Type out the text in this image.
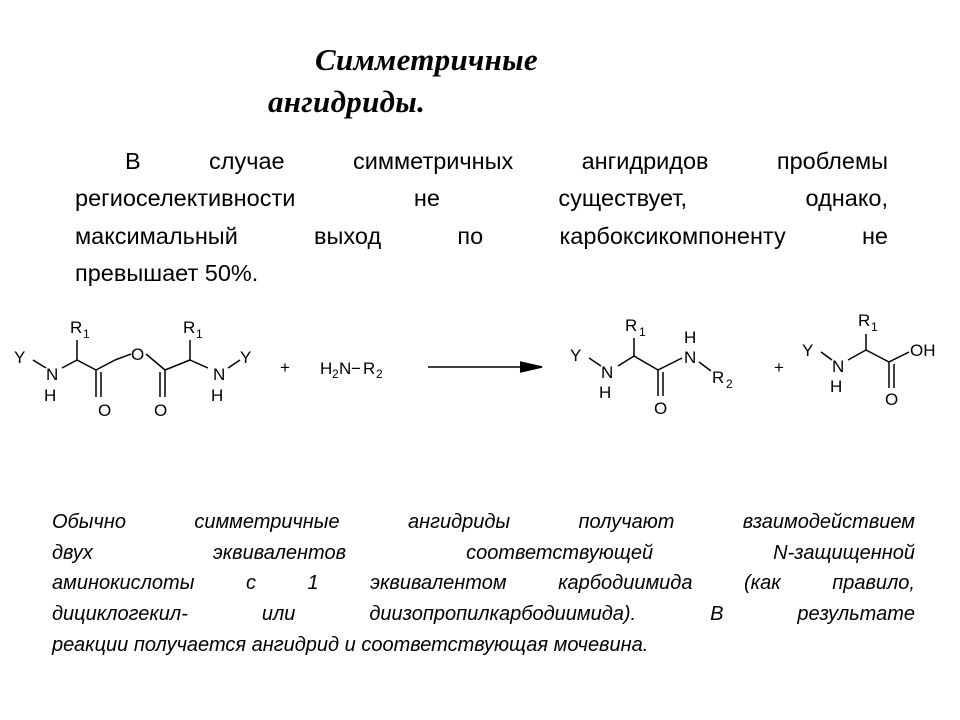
Симметричные
ангидриды.
В случае симметричных ангидридов проблемы
региоселективности не существует, однако,
максимальный выход по карбоксикомпоненту не
превышает 50%.
Y
N
H
R 1
O
O
O
R 1
N
H
Y
+ H 2 N − R 2
Y
N
H
R 1
O
H
N
R 2
+
Y
N
H
R 1
O
OH
Обычно симметричные ангидриды получают взаимодействием
двух эквивалентов соответствующей N-защищенной
аминокислоты с 1 эквивалентом карбодиимида (как правило,
дициклогекил- или диизопропилкарбодиимида). В результате
реакции получается ангидрид и соответствующая мочевина.
